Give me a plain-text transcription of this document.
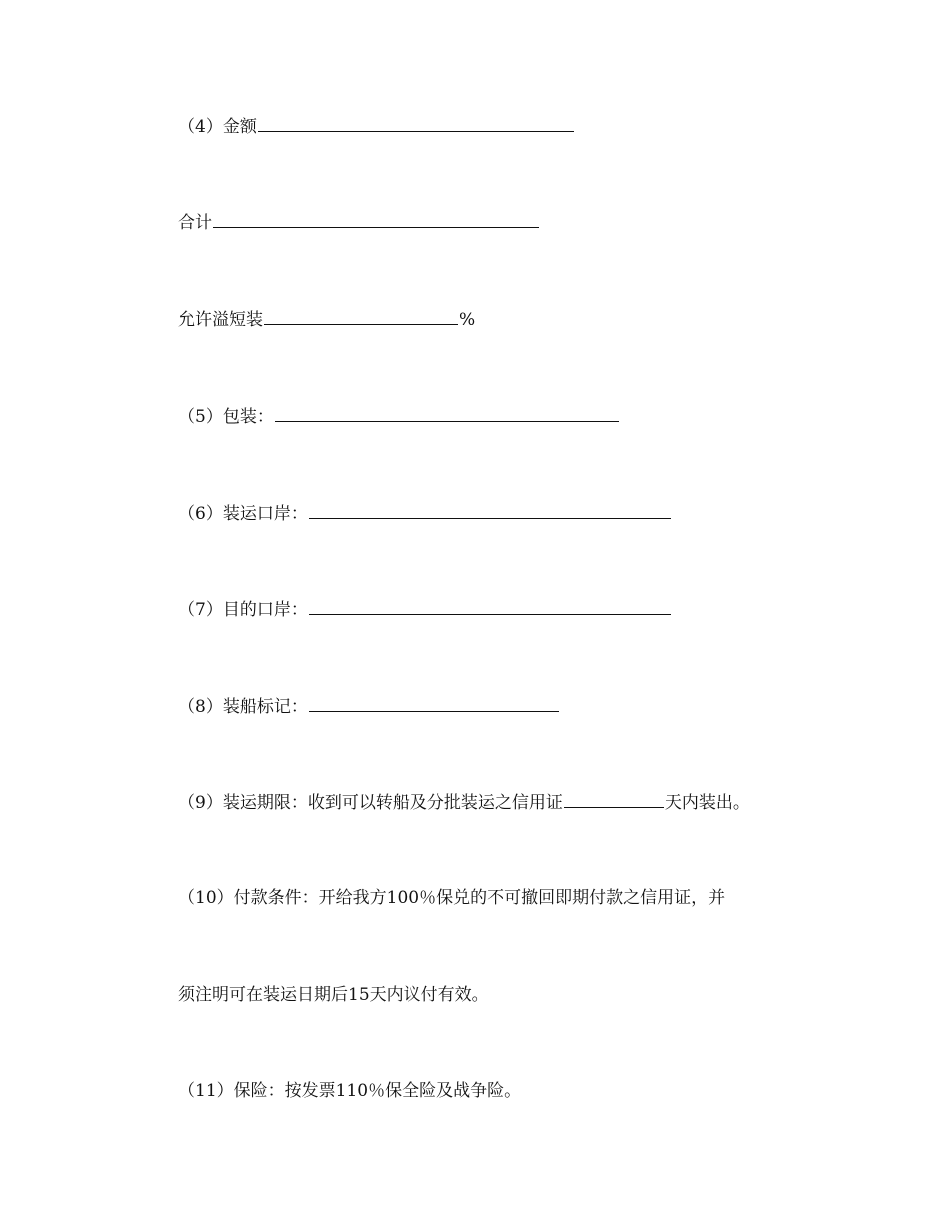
（4）金额
合计
允许溢短装	%
（5）包装：
（6）装运口岸：
（7）目的口岸：
（8）装船标记：
（9）装运期限：收到可以转船及分批装运之信用证	天内装出。
（10）付款条件：开给我方100％保兑的不可撤回即期付款之信用证，并
须注明可在装运日期后15天内议付有效。
（11）保险：按发票110％保全险及战争险。
